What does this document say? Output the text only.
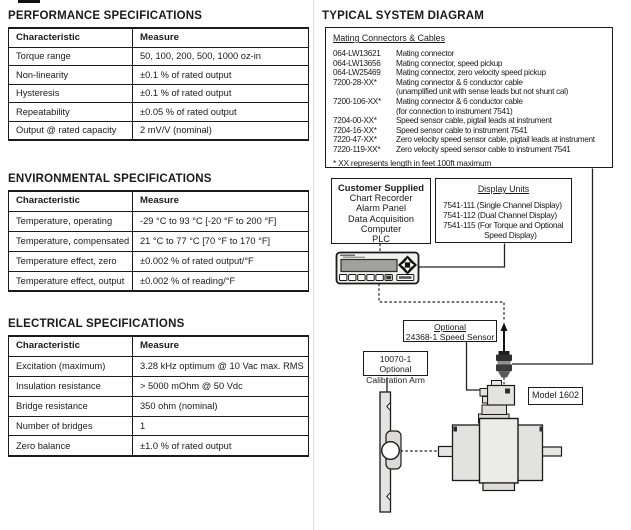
PERFORMANCE SPECIFICATIONS
Characteristic	Measure
Torque range	50, 100, 200, 500, 1000 oz-in
Non-linearity	±0.1 % of rated output
Hysteresis	±0.1 % of rated output
Repeatability	±0.05 % of rated output
Output @ rated capacity	2 mV/V (nominal)
ENVIRONMENTAL SPECIFICATIONS
Characteristic	Measure
Temperature, operating	-29 °C to 93 °C [-20 °F to 200 °F]
Temperature, compensated	21 °C to 77 °C [70 °F to 170 °F]
Temperature effect, zero	±0.002 % of rated output/°F
Temperature effect, output	±0.002 % of reading/°F
ELECTRICAL SPECIFICATIONS
Characteristic	Measure
Excitation (maximum)	3.28 kHz optimum @ 10 Vac max. RMS
Insulation resistance	> 5000 mOhm @ 50 Vdc
Bridge resistance	350 ohm (nominal)
Number of bridges	1
Zero balance	±1.0 % of rated output
TYPICAL SYSTEM DIAGRAM
Mating Connectors & Cables
064-LW13621	Mating connector
064-LW13656	Mating connector, speed pickup
064-LW25469	Mating connector, zero velocity speed pickup
7200-28-XX*	Mating connector & 6 conductor cable
(unamplified unit with sense leads but not shunt cal)
7200-106-XX*	Mating connector & 6 conductor cable
(for connection to instrument 7541)
7204-00-XX*	Speed sensor cable, pigtail leads at instrument
7204-16-XX*	Speed sensor cable to instrument 7541
7220-47-XX*	Zero velocity speed sensor cable, pigtail leads at instrument
7220-119-XX*	Zero velocity speed sensor cable to instrument 7541
* XX represents length in feet 100ft maximum
Customer Supplied
Chart Recorder
Alarm Panel
Data Acquisition
Computer
PLC
Display Units
7541-111 (Single Channel Display)
7541-112 (Dual Channel Display)
7541-115 (For Torque and Optional
Speed Display)
Optional
24368-1 Speed Sensor
10070-1 Optional
Calibration Arm
Model 1602
